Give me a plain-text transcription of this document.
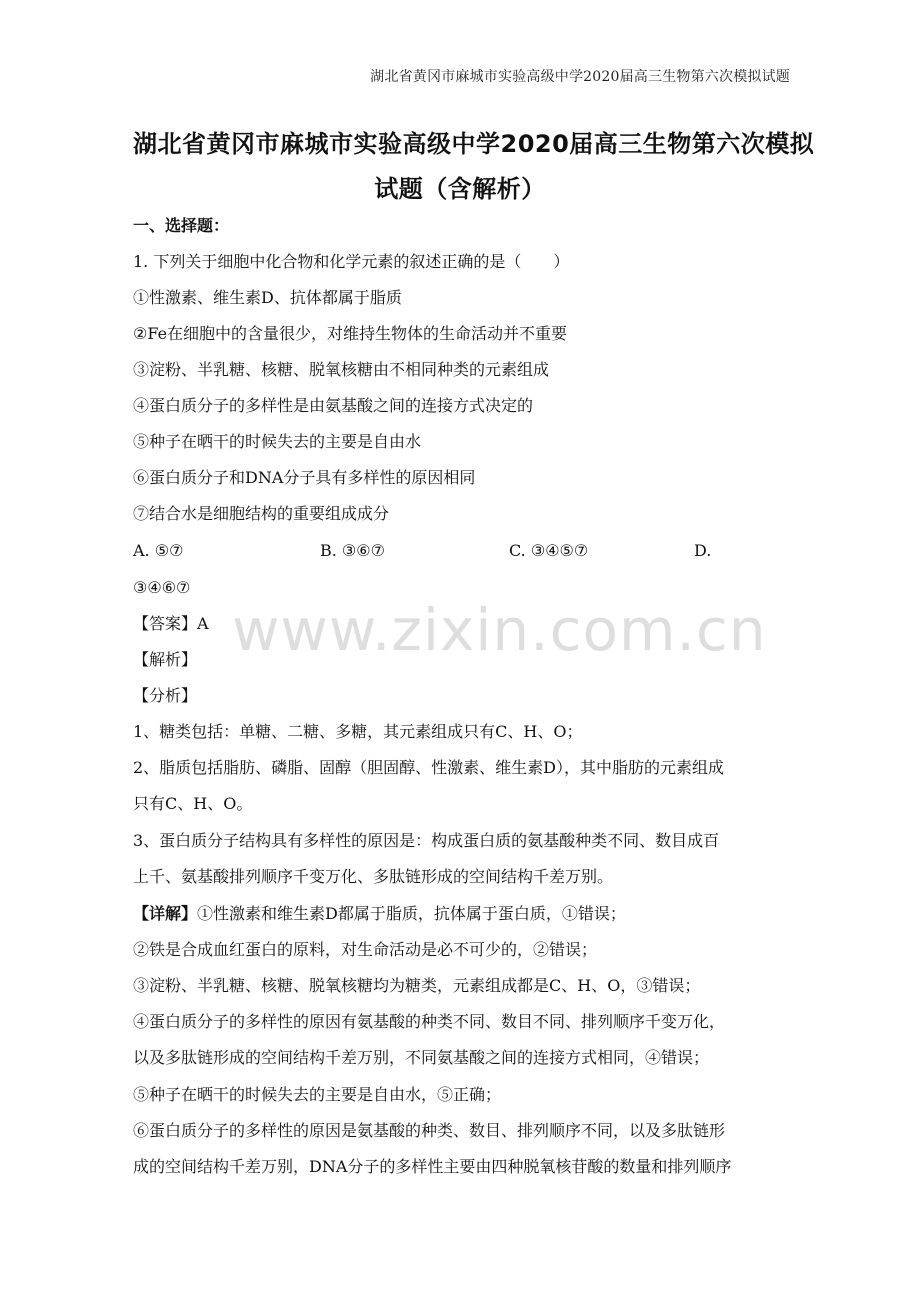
湖北省黄冈市麻城市实验高级中学2020届高三生物第六次模拟试题
湖北省黄冈市麻城市实验高级中学2020届高三生物第六次模拟
试题（含解析）
一、选择题：
1. 下列关于细胞中化合物和化学元素的叙述正确的是（　　）
①性激素、维生素D、抗体都属于脂质
②Fe在细胞中的含量很少，对维持生物体的生命活动并不重要
③淀粉、半乳糖、核糖、脱氧核糖由不相同种类的元素组成
④蛋白质分子的多样性是由氨基酸之间的连接方式决定的
⑤种子在晒干的时候失去的主要是自由水
⑥蛋白质分子和DNA分子具有多样性的原因相同
⑦结合水是细胞结构的重要组成成分
A. ⑤⑦	B. ③⑥⑦	C. ③④⑤⑦	D.
③④⑥⑦
【答案】A
【解析】
【分析】
1、糖类包括：单糖、二糖、多糖，其元素组成只有C、H、O；
2、脂质包括脂肪、磷脂、固醇（胆固醇、性激素、维生素D），其中脂肪的元素组成
只有C、H、O。
3、蛋白质分子结构具有多样性的原因是：构成蛋白质的氨基酸种类不同、数目成百
上千、氨基酸排列顺序千变万化、多肽链形成的空间结构千差万别。
【详解】①性激素和维生素D都属于脂质，抗体属于蛋白质，①错误；
②铁是合成血红蛋白的原料，对生命活动是必不可少的，②错误；
③淀粉、半乳糖、核糖、脱氧核糖均为糖类，元素组成都是C、H、O，③错误；
④蛋白质分子的多样性的原因有氨基酸的种类不同、数目不同、排列顺序千变万化，
以及多肽链形成的空间结构千差万别，不同氨基酸之间的连接方式相同，④错误；
⑤种子在晒干的时候失去的主要是自由水，⑤正确；
⑥蛋白质分子的多样性的原因是氨基酸的种类、数目、排列顺序不同，以及多肽链形
成的空间结构千差万别，DNA分子的多样性主要由四种脱氧核苷酸的数量和排列顺序
www.zixin.com.cn
